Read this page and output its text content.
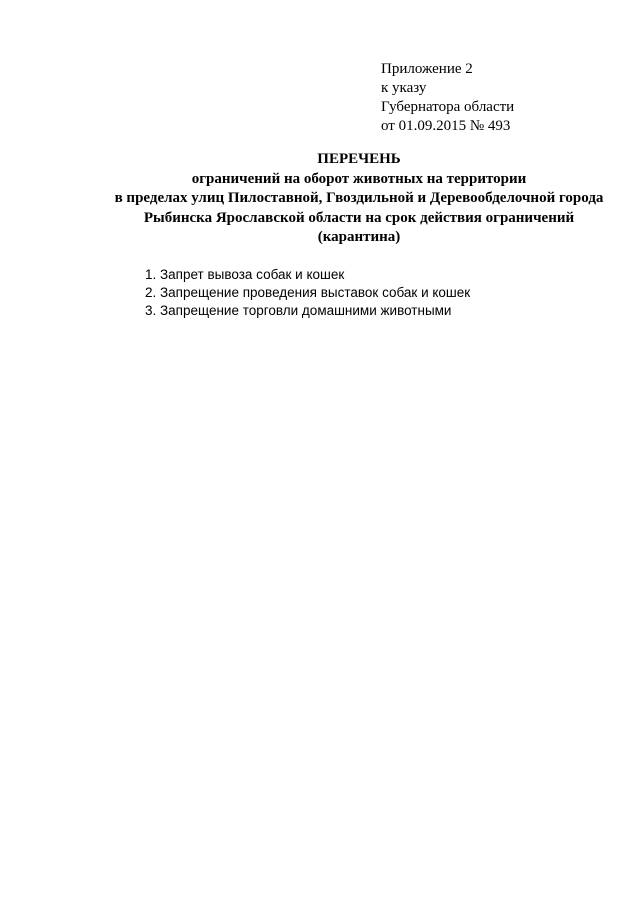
Приложение 2
к указу
Губернатора области
от 01.09.2015 № 493
ПЕРЕЧЕНЬ
ограничений на оборот животных на территории
в пределах улиц Пилоставной, Гвоздильной и Деревообделочной города
Рыбинска Ярославской области на срок действия ограничений
(карантина)
1. Запрет вывоза собак и кошек
2. Запрещение проведения выставок собак и кошек
3. Запрещение торговли домашними животными
